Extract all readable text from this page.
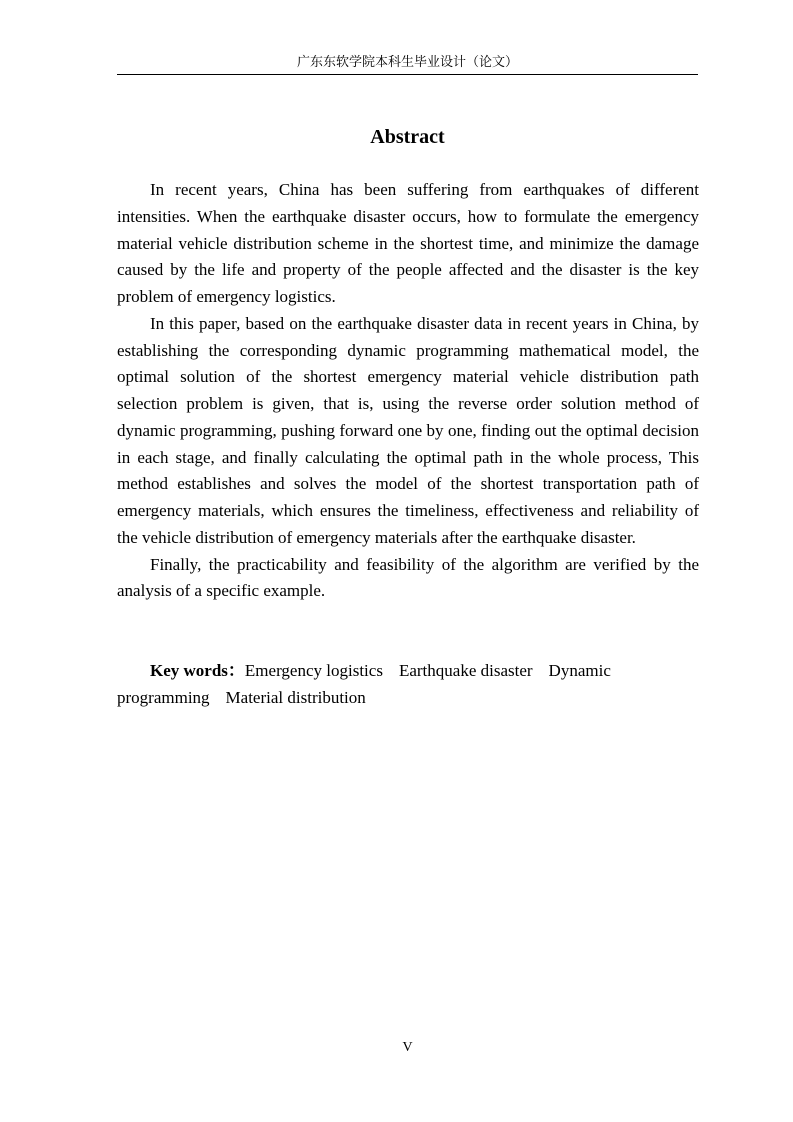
广东东软学院本科生毕业设计（论文）
Abstract

In recent years, China has been suffering from earthquakes of different intensities. When the earthquake disaster occurs, how to formulate the emergency material vehicle distribution scheme in the shortest time, and minimize the damage caused by the life and property of the people affected and the disaster is the key problem of emergency logistics.

In this paper, based on the earthquake disaster data in recent years in China, by establishing the corresponding dynamic programming mathematical model, the optimal solution of the shortest emergency material vehicle distribution path selection problem is given, that is, using the reverse order solution method of dynamic programming, pushing forward one by one, finding out the optimal decision in each stage, and finally calculating the optimal path in the whole process, This method establishes and solves the model of the shortest transportation path of emergency materials, which ensures the timeliness, effectiveness and reliability of the vehicle distribution of emergency materials after the earthquake disaster.

Finally, the practicability and feasibility of the algorithm are verified by the analysis of a specific example.

Key words：Emergency logistics Earthquake disaster Dynamic programming Material distribution

V
